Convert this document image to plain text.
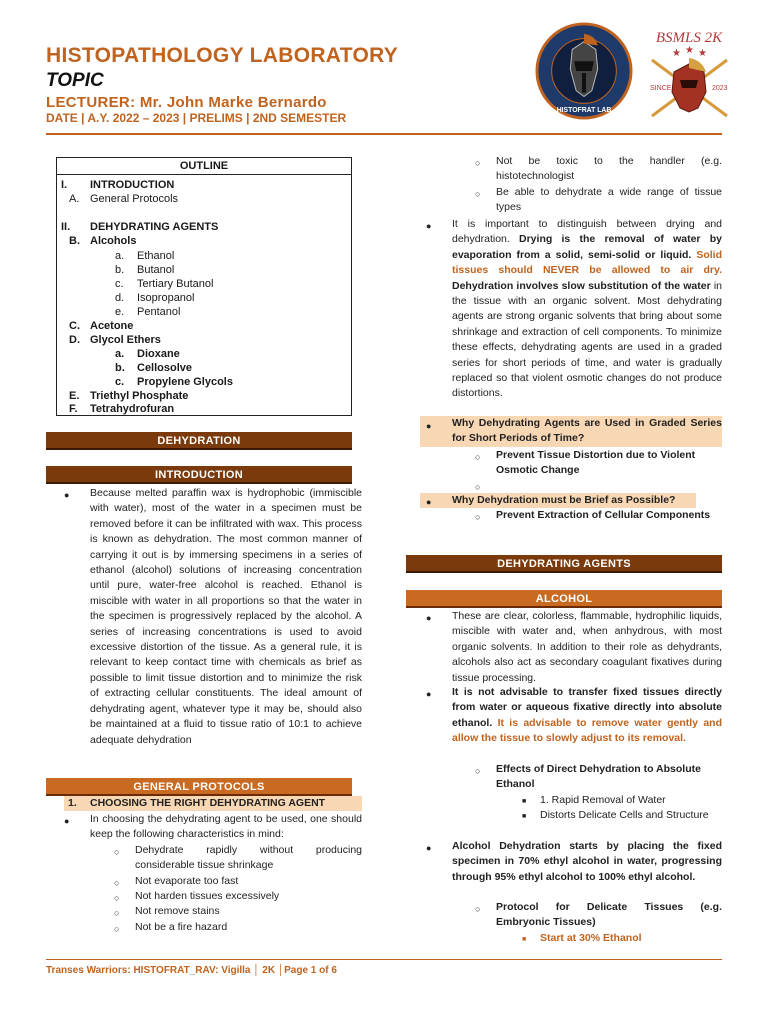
HISTOPATHOLOGY LABORATORY
TOPIC
LECTURER: Mr. John Marke Bernardo
DATE | A.Y. 2022 – 2023 | PRELIMS | 2ND SEMESTER
HISTOFRAT LAB
BSMLS 2K
★ ★ ★
SINCE	2023
OUTLINE
I. INTRODUCTION
A. General Protocols
II. DEHYDRATING AGENTS
B. Alcohols
a. Ethanol
b. Butanol
c. Tertiary Butanol
d. Isopropanol
e. Pentanol
C. Acetone
D. Glycol Ethers
a. Dioxane
b. Cellosolve
c. Propylene Glycols
E. Triethyl Phosphate
F. Tetrahydrofuran
DEHYDRATION
INTRODUCTION
● Because melted paraffin wax is hydrophobic (immiscible with water), most of the water in a specimen must be removed before it can be infiltrated with wax. This process is known as dehydration. The most common manner of carrying it out is by immersing specimens in a series of ethanol (alcohol) solutions of increasing concentration until pure, water-free alcohol is reached. Ethanol is miscible with water in all proportions so that the water in the specimen is progressively replaced by the alcohol. A series of increasing concentrations is used to avoid excessive distortion of the tissue. As a general rule, it is relevant to keep contact time with chemicals as brief as possible to limit tissue distortion and to minimize the risk of extracting cellular constituents. The ideal amount of dehydrating agent, whatever type it may be, should also be maintained at a fluid to tissue ratio of 10:1 to achieve adequate dehydration
GENERAL PROTOCOLS
1. CHOOSING THE RIGHT DEHYDRATING AGENT
● In choosing the dehydrating agent to be used, one should keep the following characteristics in mind:
○ Dehydrate rapidly without producing considerable tissue shrinkage
○ Not evaporate too fast
○ Not harden tissues excessively
○ Not remove stains
○ Not be a fire hazard
○ Not be toxic to the handler (e.g. histotechnologist
○ Be able to dehydrate a wide range of tissue types
● It is important to distinguish between drying and dehydration. Drying is the removal of water by evaporation from a solid, semi-solid or liquid. Solid tissues should NEVER be allowed to air dry. Dehydration involves slow substitution of the water in the tissue with an organic solvent. Most dehydrating agents are strong organic solvents that bring about some shrinkage and extraction of cell components. To minimize these effects, dehydrating agents are used in a graded series for short periods of time, and water is gradually replaced so that violent osmotic changes do not produce distortions.
● Why Dehydrating Agents are Used in Graded Series for Short Periods of Time?
○ Prevent Tissue Distortion due to Violent Osmotic Change
○
● Why Dehydration must be Brief as Possible?
○ Prevent Extraction of Cellular Components
DEHYDRATING AGENTS
ALCOHOL
● These are clear, colorless, flammable, hydrophilic liquids, miscible with water and, when anhydrous, with most organic solvents. In addition to their role as dehydrants, alcohols also act as secondary coagulant fixatives during tissue processing.
● It is not advisable to transfer fixed tissues directly from water or aqueous fixative directly into absolute ethanol. It is advisable to remove water gently and allow the tissue to slowly adjust to its removal.
○ Effects of Direct Dehydration to Absolute Ethanol
■ 1. Rapid Removal of Water
■ Distorts Delicate Cells and Structure
● Alcohol Dehydration starts by placing the fixed specimen in 70% ethyl alcohol in water, progressing through 95% ethyl alcohol to 100% ethyl alcohol.
○ Protocol for Delicate Tissues (e.g. Embryonic Tissues)
■ Start at 30% Ethanol
Transes Warriors: HISTOFRAT_RAV: Vigilla │ 2K │Page 1 of 6
